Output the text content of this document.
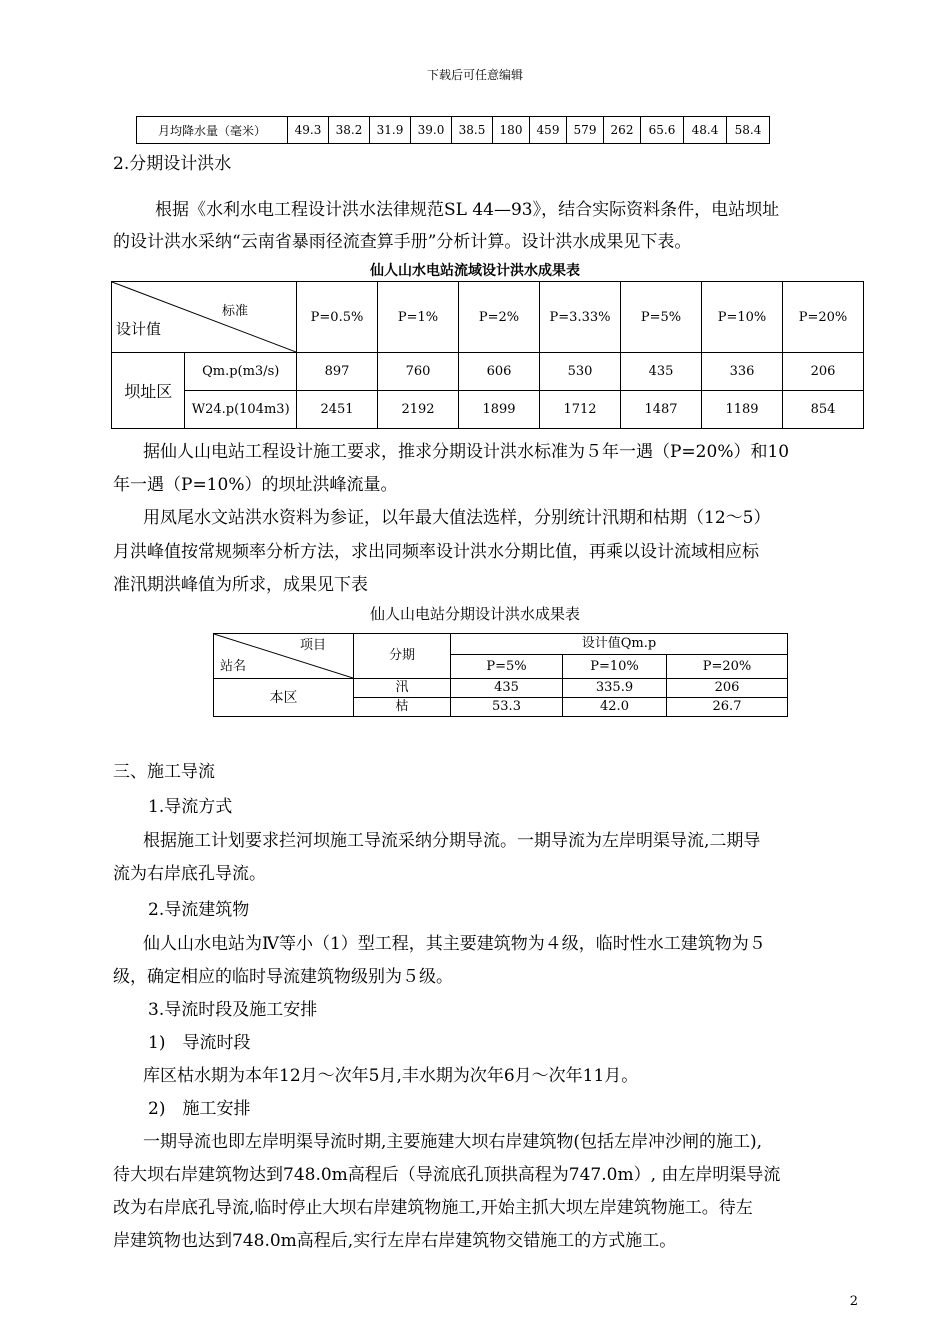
下载后可任意编辑
月均降水量（毫米）	49.3	38.2	31.9	39.0	38.5	180	459	579	262	65.6	48.4	58.4

2.分期设计洪水

根据《水利水电工程设计洪水法律规范SL 44—93》，结合实际资料条件，电站坝址

的设计洪水采纳“云南省暴雨径流查算手册”分析计算。设计洪水成果见下表。

仙人山水电站流域设计洪水成果表
标准
设计值		P=0.5%	P=1%	P=2%	P=3.33%	P=5%	P=10%	P=20%
坝址区	Qm.p(m3/s)	897	760	606	530	435	336	206
	W24.p(104m3)	2451	2192	1899	1712	1487	1189	854

据仙人山电站工程设计施工要求，推求分期设计洪水标准为５年一遇（P=20%）和10

年一遇（P=10%）的坝址洪峰流量。

用凤尾水文站洪水资料为参证，以年最大值法选样，分别统计汛期和枯期（12～5）

月洪峰值按常规频率分析方法，求出同频率设计洪水分期比值，再乘以设计流域相应标

准汛期洪峰值为所求，成果见下表

仙人山电站分期设计洪水成果表
项目
站名	分期	设计值Qm.p		
		P=5%	P=10%	P=20%
本区	汛	435	335.9	206
	枯	53.3	42.0	26.7

三、施工导流

1.导流方式

根据施工计划要求拦河坝施工导流采纳分期导流。一期导流为左岸明渠导流,二期导

流为右岸底孔导流。

2.导流建筑物

仙人山水电站为Ⅳ等小（1）型工程，其主要建筑物为４级，临时性水工建筑物为５

级，确定相应的临时导流建筑物级别为５级。

3.导流时段及施工安排

1)　导流时段

库区枯水期为本年12月～次年5月,丰水期为次年6月～次年11月。

2)　施工安排

一期导流也即左岸明渠导流时期,主要施建大坝右岸建筑物(包括左岸冲沙闸的施工),

待大坝右岸建筑物达到748.0m高程后（导流底孔顶拱高程为747.0m）, 由左岸明渠导流

改为右岸底孔导流,临时停止大坝右岸建筑物施工,开始主抓大坝左岸建筑物施工。待左

岸建筑物也达到748.0m高程后,实行左岸右岸建筑物交错施工的方式施工。

2
